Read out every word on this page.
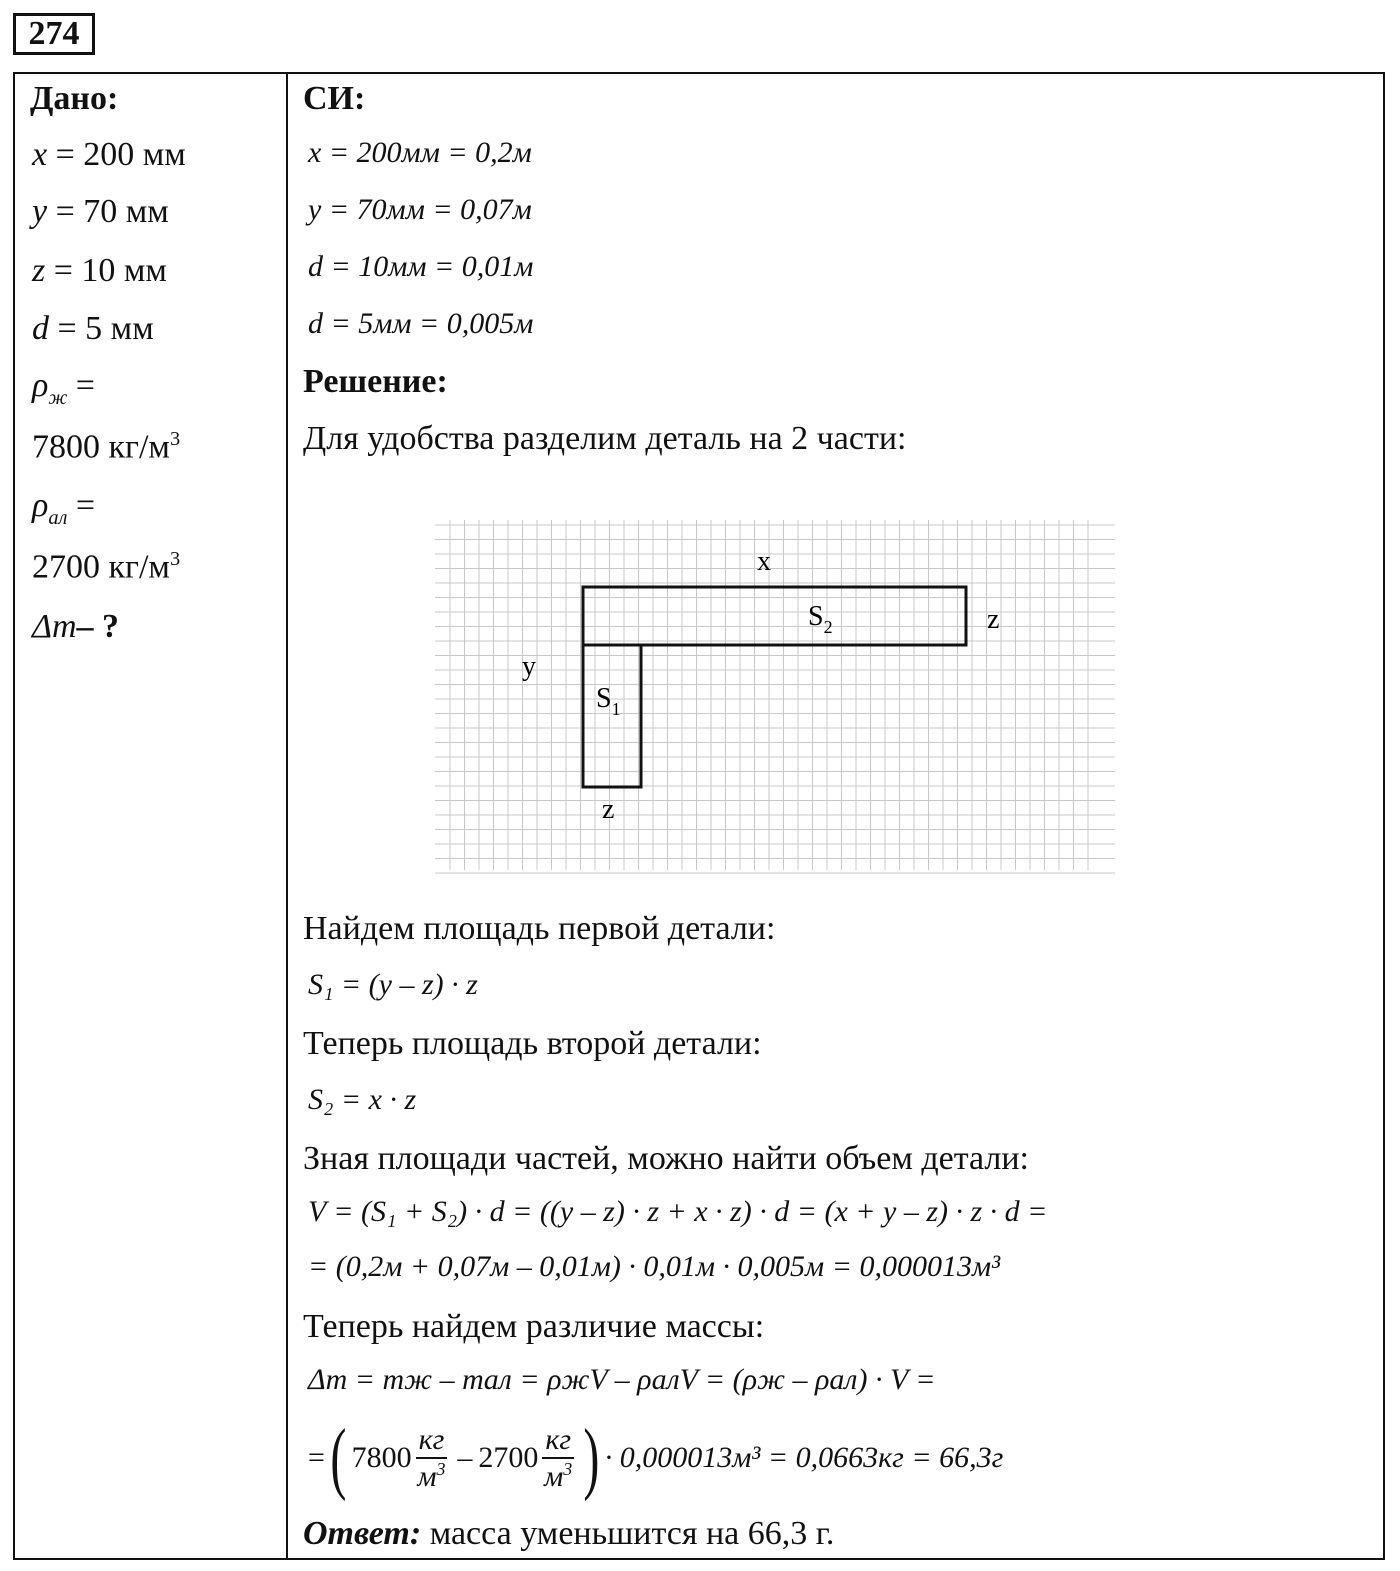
274
Дано:
x = 200 мм
y = 70 мм
z = 10 мм
d = 5 мм
$\rho_ж$ =
7800 $кг/м^3$
$\rho_{ал}$ =
2700 $кг/м^3$
Δm– ?
СИ:
x = 200мм = 0,2м
y = 70мм = 0,07м
d = 10мм = 0,01м
d = 5мм = 0,005м
Решение:
Для удобства разделим деталь на 2 части:
x
z
y
z
$S_2$
$S_1$
Найдем площадь первой детали:
S₁ = (y – z) · z
Теперь площадь второй детали:
S₂ = x · z
Зная площади частей, можно найти объем детали:
V = (S₁ + S₂) · d = ((y – z) · z + x · z) · d = (x + y – z) · z · d =
= (0,2м + 0,07м – 0,01м) · 0,01м · 0,005м = 0,000013м³
Теперь найдем различие массы:
Δm = mж – mал = ρжV – ρалV = (ρж – ρал) · V =
= ( 7800
кг
$м^3 - 2700$
кг
$м^3$ ) · 0,000013м³ = 0,0663кг = 66,3г
Ответ: масса уменьшится на 66,3 г.
